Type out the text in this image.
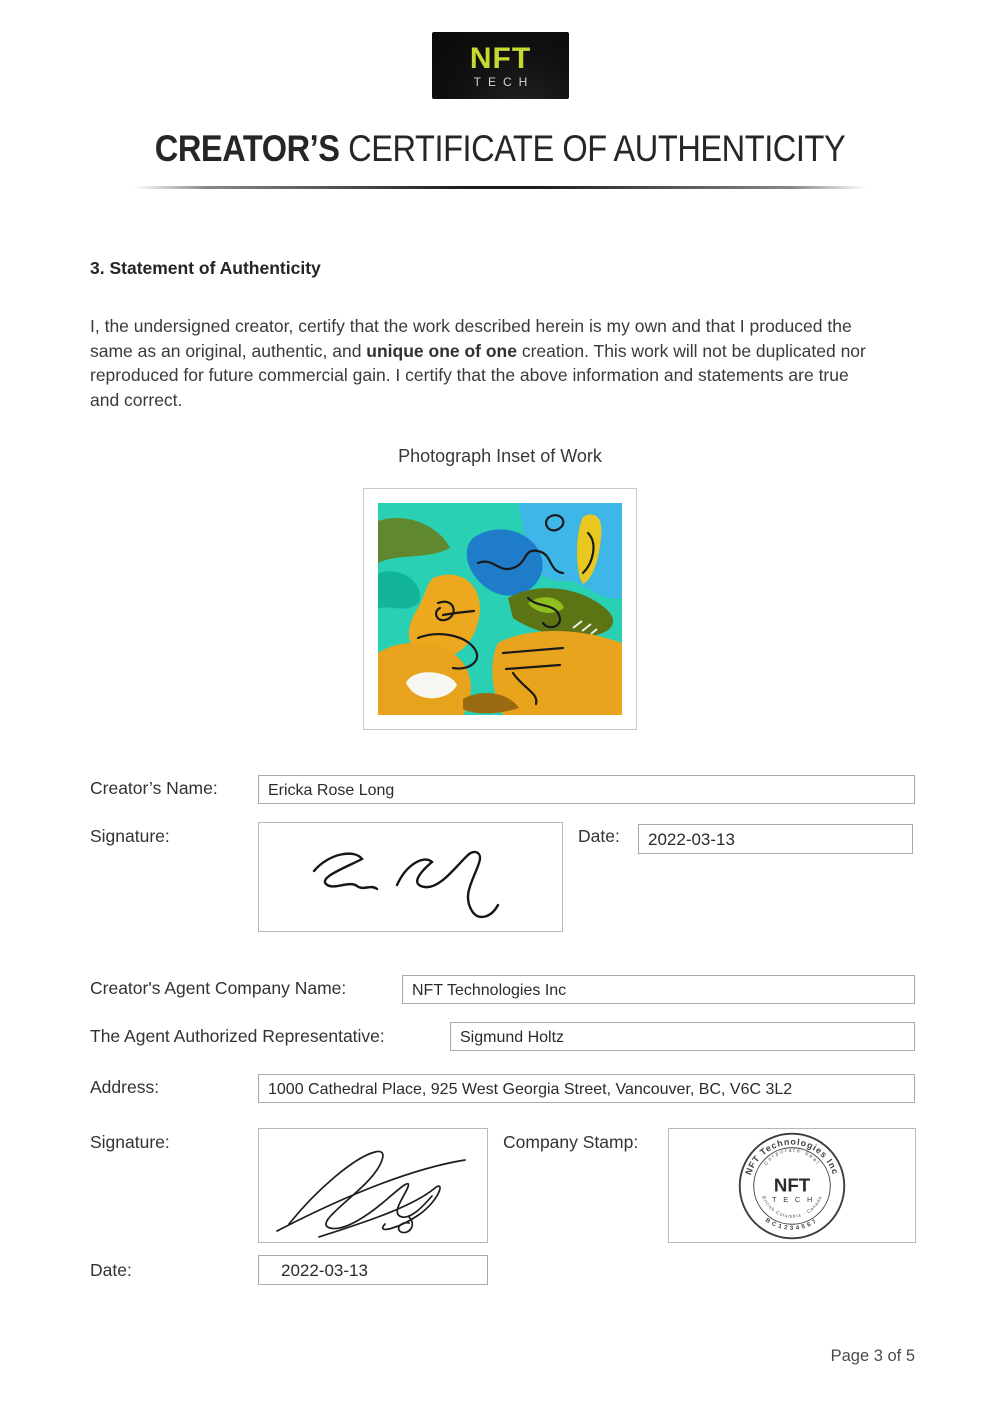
NFT
TECH
CREATOR’S CERTIFICATE OF AUTHENTICITY
3. Statement of Authenticity
I, the undersigned creator, certify that the work described herein is my own and that I produced the same as an original, authentic, and unique one of one creation. This work will not be duplicated nor reproduced for future commercial gain. I certify that the above information and statements are true and correct.
Photograph Inset of Work
Creator’s Name:	Ericka Rose Long
Signature:	Date:	2022-03-13
Creator's Agent Company Name:	NFT Technologies Inc
The Agent Authorized Representative:	Sigmund Holtz
Address:	1000 Cathedral Place, 925 West Georgia Street, Vancouver, BC, V6C 3L2
Signature:	Company Stamp:
NFT Technologies Inc
Corporate Seal
NFT
T E C H
British Columbia · Canada
BC1234567
Date:	2022-03-13
Page 3 of 5
